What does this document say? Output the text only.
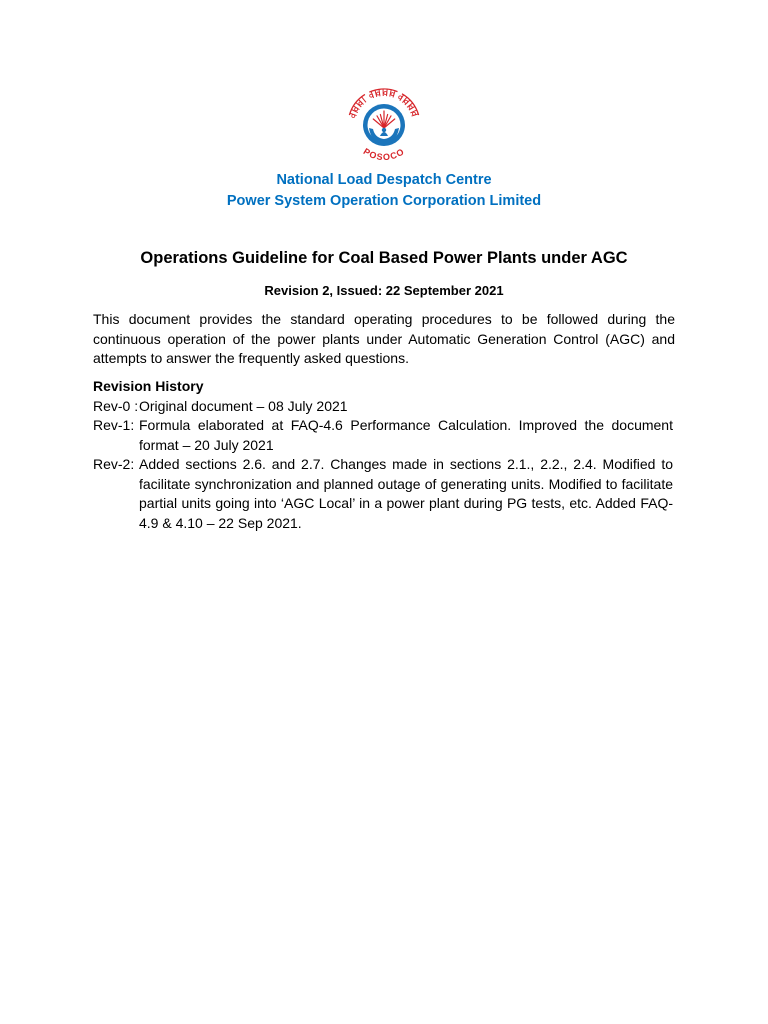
POSOCO
National Load Despatch Centre
Power System Operation Corporation Limited
Operations Guideline for Coal Based Power Plants under AGC
Revision 2, Issued: 22 September 2021

This document provides the standard operating procedures to be followed during the continuous operation of the power plants under Automatic Generation Control (AGC) and attempts to answer the frequently asked questions.

Revision History
Rev-0 : Original document – 08 July 2021
Rev-1: Formula elaborated at FAQ-4.6 Performance Calculation. Improved the document format – 20 July 2021
Rev-2: Added sections 2.6. and 2.7. Changes made in sections 2.1., 2.2., 2.4. Modified to facilitate synchronization and planned outage of generating units. Modified to facilitate partial units going into ‘AGC Local’ in a power plant during PG tests, etc. Added FAQ-4.9 & 4.10 – 22 Sep 2021.
